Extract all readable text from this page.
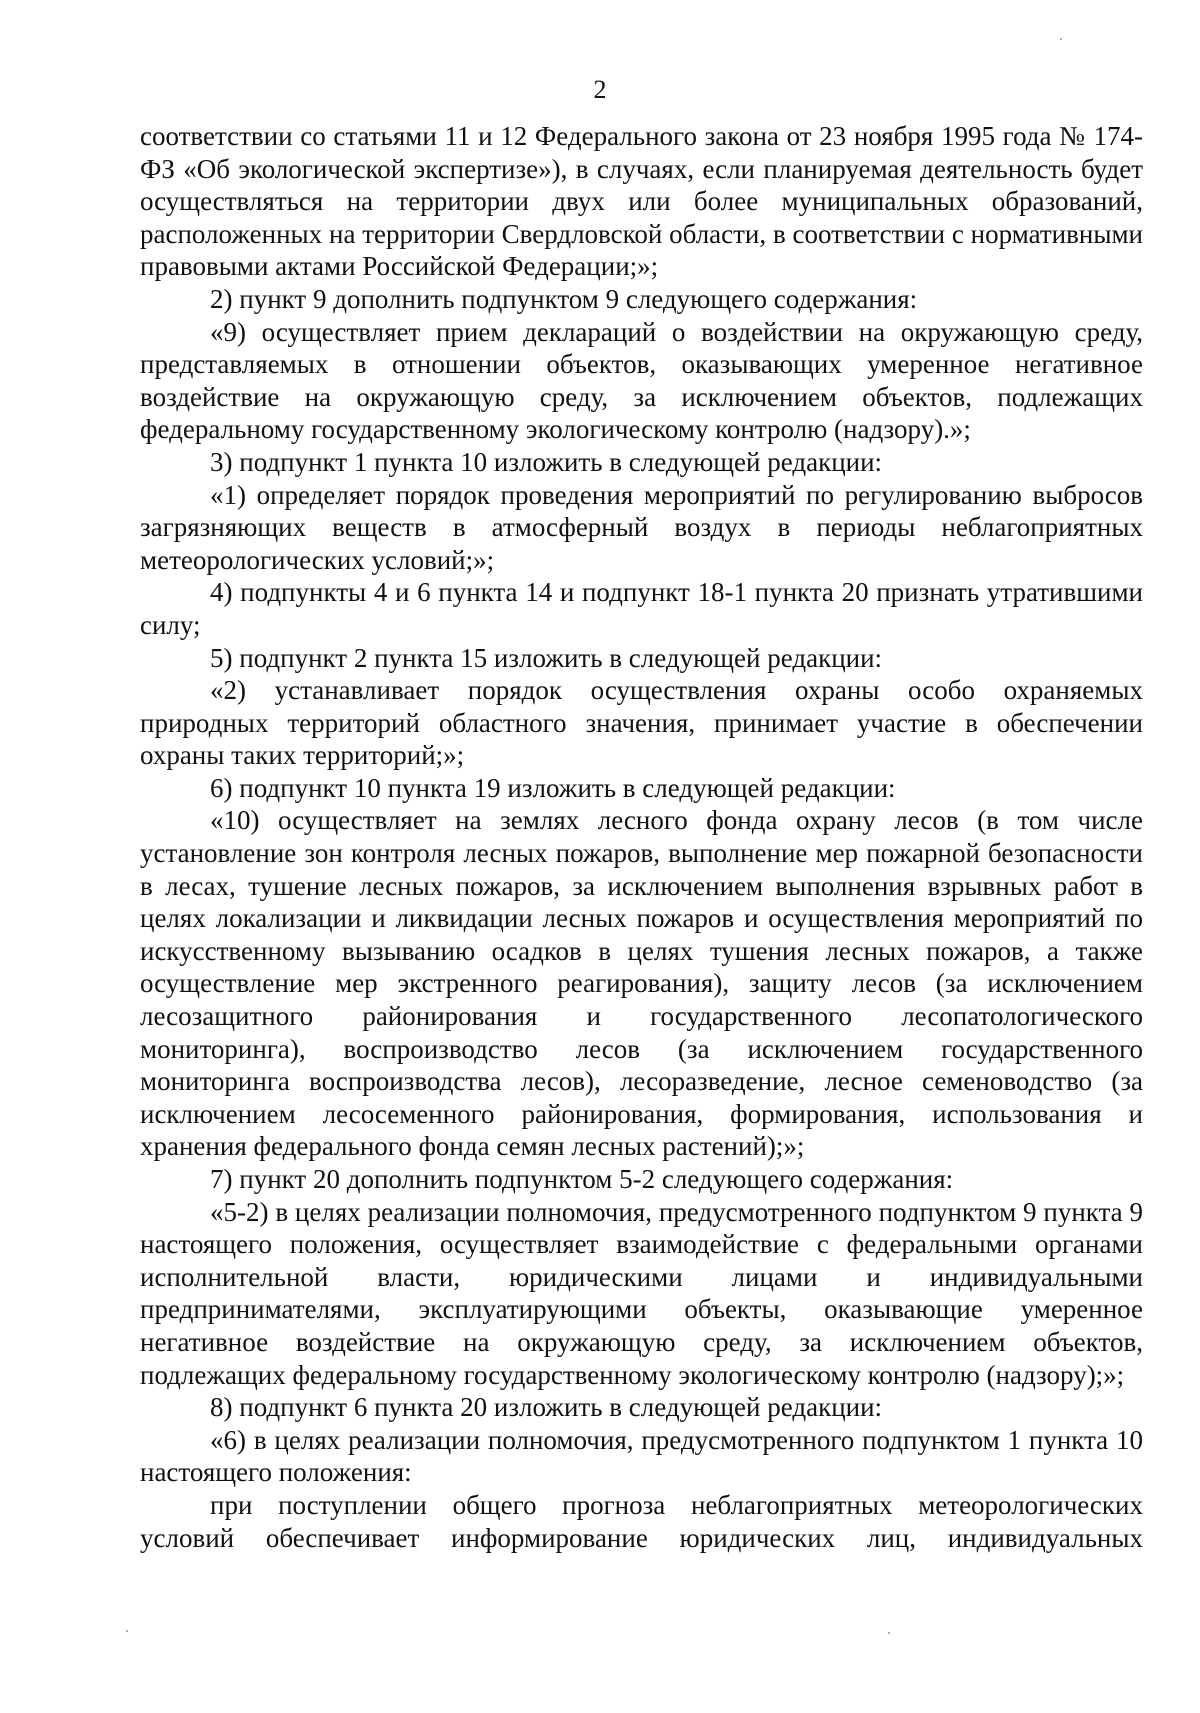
2

соответствии со статьями 11 и 12 Федерального закона от 23 ноября 1995 года № 174-ФЗ «Об экологической экспертизе»), в случаях, если планируемая деятельность будет осуществляться на территории двух или более муниципальных образований, расположенных на территории Свердловской области, в соответствии с нормативными правовыми актами Российской Федерации;»;

2) пункт 9 дополнить подпунктом 9 следующего содержания:

«9) осуществляет прием деклараций о воздействии на окружающую среду, представляемых в отношении объектов, оказывающих умеренное негативное воздействие на окружающую среду, за исключением объектов, подлежащих федеральному государственному экологическому контролю (надзору).»;

3) подпункт 1 пункта 10 изложить в следующей редакции:

«1) определяет порядок проведения мероприятий по регулированию выбросов загрязняющих веществ в атмосферный воздух в периоды неблагоприятных метеорологических условий;»;

4) подпункты 4 и 6 пункта 14 и подпункт 18-1 пункта 20 признать утратившими силу;

5) подпункт 2 пункта 15 изложить в следующей редакции:

«2) устанавливает порядок осуществления охраны особо охраняемых природных территорий областного значения, принимает участие в обеспечении охраны таких территорий;»;

6) подпункт 10 пункта 19 изложить в следующей редакции:

«10) осуществляет на землях лесного фонда охрану лесов (в том числе установление зон контроля лесных пожаров, выполнение мер пожарной безопасности в лесах, тушение лесных пожаров, за исключением выполнения взрывных работ в целях локализации и ликвидации лесных пожаров и осуществления мероприятий по искусственному вызыванию осадков в целях тушения лесных пожаров, а также осуществление мер экстренного реагирования), защиту лесов (за исключением лесозащитного районирования и государственного лесопатологического мониторинга), воспроизводство лесов (за исключением государственного мониторинга воспроизводства лесов), лесоразведение, лесное семеноводство (за исключением лесосеменного районирования, формирования, использования и хранения федерального фонда семян лесных растений);»;

7) пункт 20 дополнить подпунктом 5-2 следующего содержания:

«5-2) в целях реализации полномочия, предусмотренного подпунктом 9 пункта 9 настоящего положения, осуществляет взаимодействие с федеральными органами исполнительной власти, юридическими лицами и индивидуальными предпринимателями, эксплуатирующими объекты, оказывающие умеренное негативное воздействие на окружающую среду, за исключением объектов, подлежащих федеральному государственному экологическому контролю (надзору);»;

8) подпункт 6 пункта 20 изложить в следующей редакции:

«6) в целях реализации полномочия, предусмотренного подпунктом 1 пункта 10 настоящего положения:

при поступлении общего прогноза неблагоприятных метеорологических условий обеспечивает информирование юридических лиц, индивидуальных
